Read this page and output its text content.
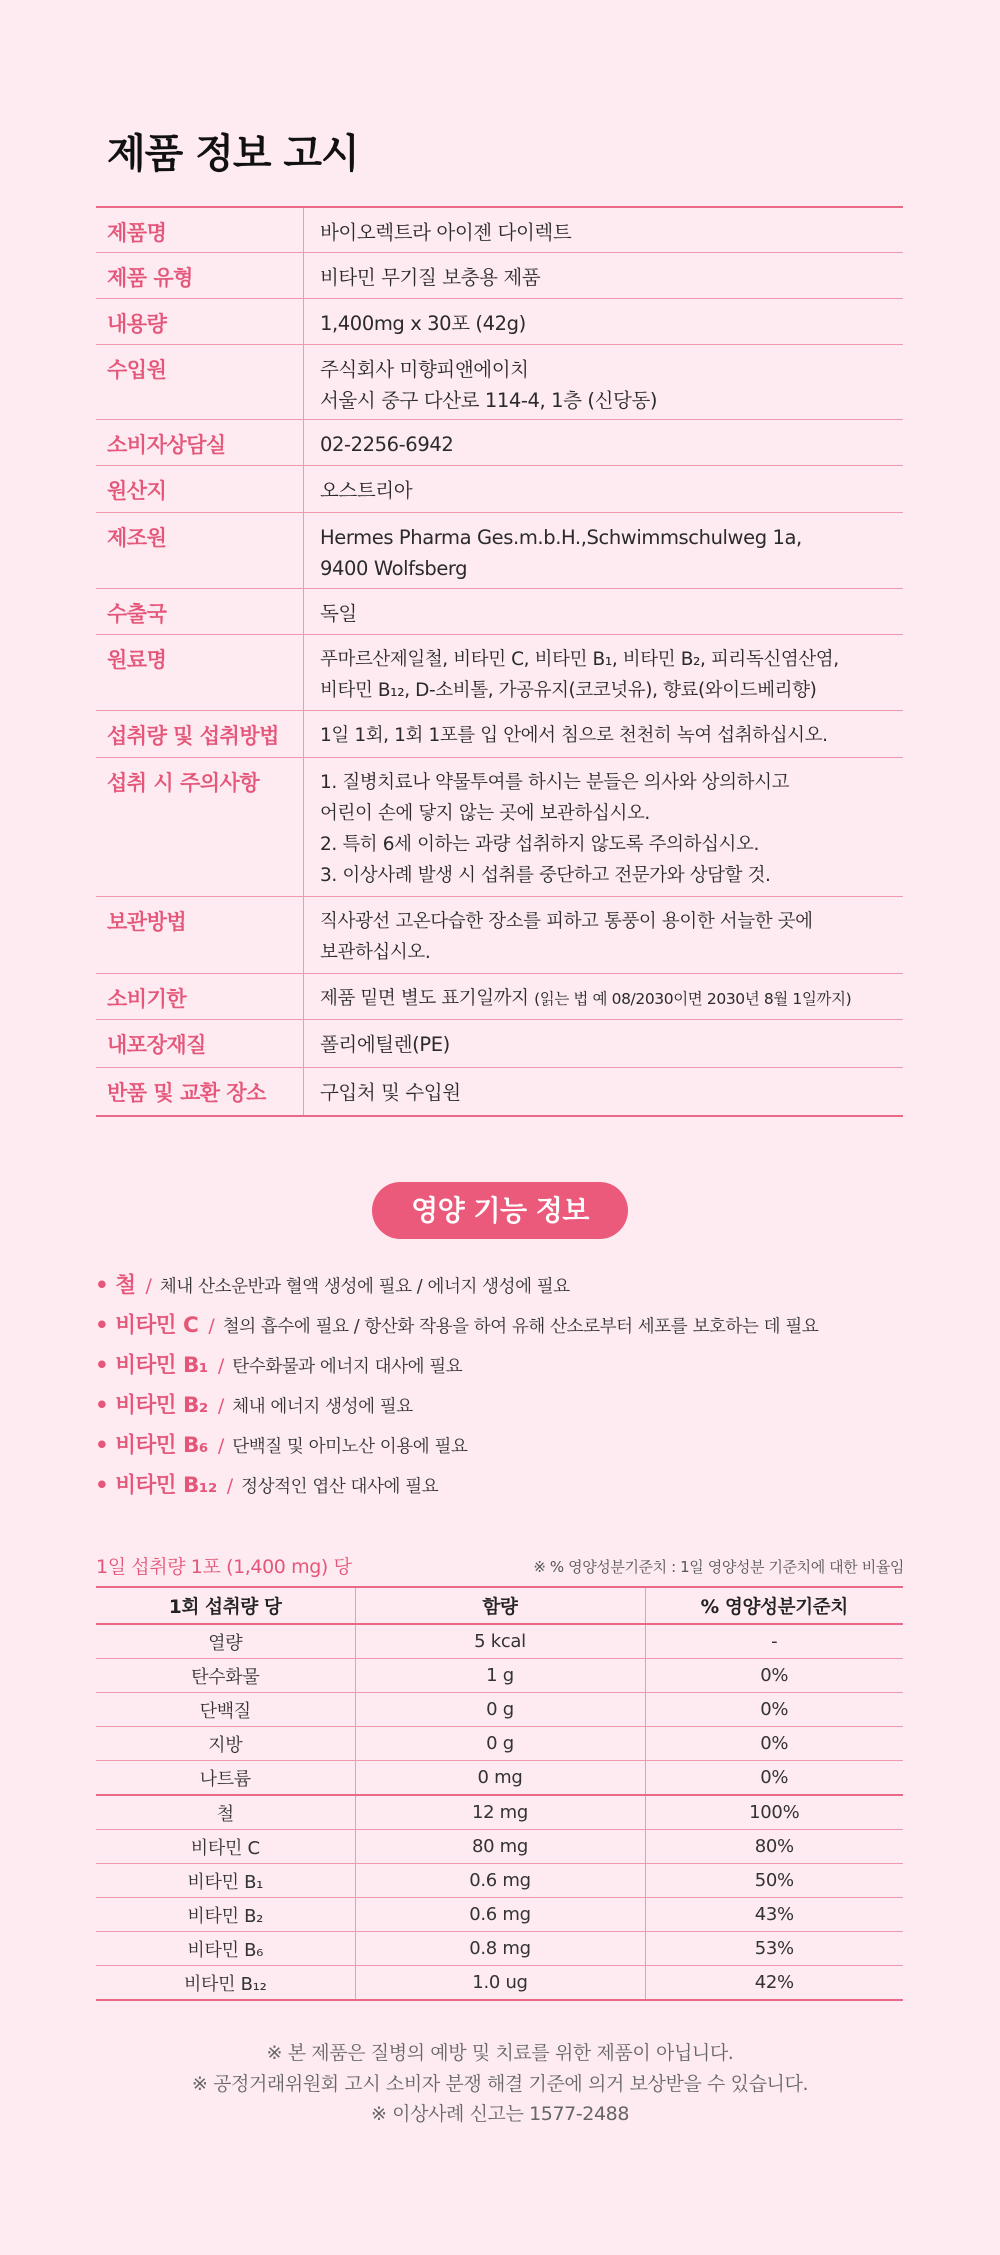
제품 정보 고시
제품명	바이오렉트라 아이젠 다이렉트
제품 유형	비타민 무기질 보충용 제품
내용량	1,400mg x 30포 (42g)
수입원	주식회사 미향피앤에이치
서울시 중구 다산로 114-4, 1층 (신당동)
소비자상담실	02-2256-6942
원산지	오스트리아
제조원	Hermes Pharma Ges.m.b.H.,Schwimmschulweg 1a,
9400 Wolfsberg
수출국	독일
원료명	푸마르산제일철, 비타민 C, 비타민 B₁, 비타민 B₂, 피리독신염산염,
비타민 B₁₂, D-소비톨, 가공유지(코코넛유), 향료(와이드베리향)
섭취량 및 섭취방법	1일 1회, 1회 1포를 입 안에서 침으로 천천히 녹여 섭취하십시오.
섭취 시 주의사항	1. 질병치료나 약물투여를 하시는 분들은 의사와 상의하시고
어린이 손에 닿지 않는 곳에 보관하십시오.
2. 특히 6세 이하는 과량 섭취하지 않도록 주의하십시오.
3. 이상사례 발생 시 섭취를 중단하고 전문가와 상담할 것.
보관방법	직사광선 고온다습한 장소를 피하고 통풍이 용이한 서늘한 곳에
보관하십시오.
소비기한	제품 밑면 별도 표기일까지 (읽는 법 예 08/2030이면 2030년 8월 1일까지)
내포장재질	폴리에틸렌(PE)
반품 및 교환 장소	구입처 및 수입원
영양 기능 정보
• 철 / 체내 산소운반과 혈액 생성에 필요 / 에너지 생성에 필요
• 비타민 C / 철의 흡수에 필요 / 항산화 작용을 하여 유해 산소로부터 세포를 보호하는 데 필요
• 비타민 B₁ / 탄수화물과 에너지 대사에 필요
• 비타민 B₂ / 체내 에너지 생성에 필요
• 비타민 B₆ / 단백질 및 아미노산 이용에 필요
• 비타민 B₁₂ / 정상적인 엽산 대사에 필요
1일 섭취량 1포 (1,400 mg) 당	※ % 영양성분기준치 : 1일 영양성분 기준치에 대한 비율임
1회 섭취량 당	함량	% 영양성분기준치
열량	5 kcal	-
탄수화물	1 g	0%
단백질	0 g	0%
지방	0 g	0%
나트륨	0 mg	0%
철	12 mg	100%
비타민 C	80 mg	80%
비타민 B₁	0.6 mg	50%
비타민 B₂	0.6 mg	43%
비타민 B₆	0.8 mg	53%
비타민 B₁₂	1.0 ug	42%
※ 본 제품은 질병의 예방 및 치료를 위한 제품이 아닙니다.
※ 공정거래위원회 고시 소비자 분쟁 해결 기준에 의거 보상받을 수 있습니다.
※ 이상사례 신고는 1577-2488
